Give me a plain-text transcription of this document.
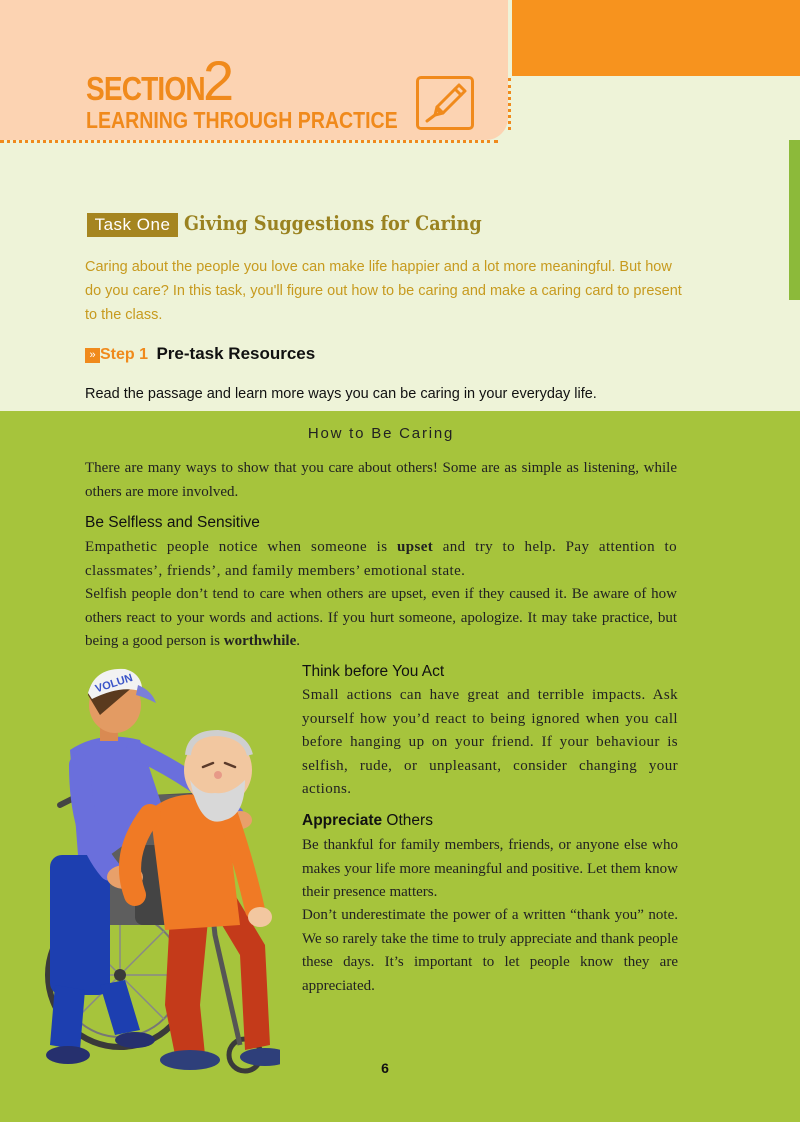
SECTION
2
LEARNING THROUGH PRACTICE
Task One Giving Suggestions for Caring
Caring about the people you love can make life happier and a lot more meaningful. But how do you care? In this task, you'll figure out how to be caring and make a caring card to present to the class.
» Step 1 Pre-task Resources
Read the passage and learn more ways you can be caring in your everyday life.
How to Be Caring
There are many ways to show that you care about others! Some are as simple as listening, while others are more involved.
Be Selfless and Sensitive
Empathetic people notice when someone is upset and try to help. Pay attention to classmates’, friends’, and family members’ emotional state.
Selfish people don’t tend to care when others are upset, even if they caused it. Be aware of how others react to your words and actions. If you hurt someone, apologize. It may take practice, but being a good person is worthwhile.
Think before You Act
Small actions can have great and terrible impacts. Ask yourself how you’d react to being ignored when you call before hanging up on your friend. If your behaviour is selfish, rude, or unpleasant, consider changing your actions.
Appreciate Others
Be thankful for family members, friends, or anyone else who makes your life more meaningful and positive. Let them know their presence matters.
Don’t underestimate the power of a written “thank you” note. We so rarely take the time to truly appreciate and thank people these days. It’s important to let people know they are appreciated.
VOLUN
6
